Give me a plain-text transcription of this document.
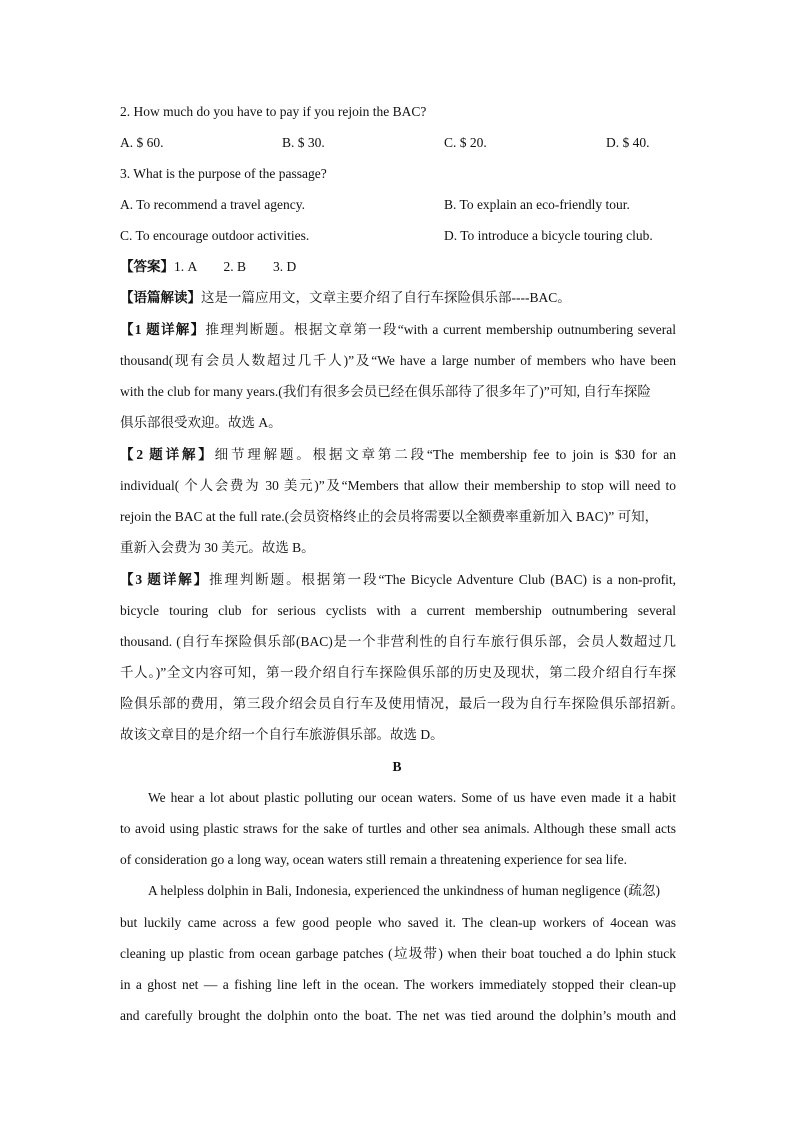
2. How much do you have to pay if you rejoin the BAC?
A. $ 60.	B. $ 30.	C. $ 20.	D. $ 40.
3. What is the purpose of the passage?
A. To recommend a travel agency.	B. To explain an eco-friendly tour.
C. To encourage outdoor activities.	D. To introduce a bicycle touring club.
【答案】1. A        2. B        3. D
【语篇解读】这是一篇应用文，文章主要介绍了自行车探险俱乐部----BAC。
【1 题详解】推理判断题。根据文章第一段“with a current membership outnumbering several
thousand(现有会员人数超过几千人)”及“We have a large number of members who have been
with the club for many years.(我们有很多会员已经在俱乐部待了很多年了)”可知, 自行车探险
俱乐部很受欢迎。故选 A。
【2 题详解】细节理解题。根据文章第二段“The membership fee to join is $30 for an
individual( 个人会费为 30 美元)”及“Members that allow their membership to stop will need to
rejoin the BAC at the full rate.(会员资格终止的会员将需要以全额费率重新加入 BAC)” 可知，
重新入会费为 30 美元。故选 B。
【3 题详解】推理判断题。根据第一段“The Bicycle Adventure Club (BAC) is a non-profit,
bicycle touring club for serious cyclists with a current membership outnumbering several
thousand. (自行车探险俱乐部(BAC)是一个非营利性的自行车旅行俱乐部，会员人数超过几
千人。)”全文内容可知，第一段介绍自行车探险俱乐部的历史及现状，第二段介绍自行车探
险俱乐部的费用，第三段介绍会员自行车及使用情况，最后一段为自行车探险俱乐部招新。
故该文章目的是介绍一个自行车旅游俱乐部。故选 D。
B
We hear a lot about plastic polluting our ocean waters. Some of us have even made it a habit
to avoid using plastic straws for the sake of turtles and other sea animals. Although these small acts
of consideration go a long way, ocean waters still remain a threatening experience for sea life.
A helpless dolphin in Bali, Indonesia, experienced the unkindness of human negligence (疏忽)
but luckily came across a few good people who saved it. The clean-up workers of 4ocean was
cleaning up plastic from ocean garbage patches (垃圾带) when their boat touched a do lphin stuck
in a ghost net — a fishing line left in the ocean. The workers immediately stopped their clean-up
and carefully brought the dolphin onto the boat. The net was tied around the dolphin’s mouth and
